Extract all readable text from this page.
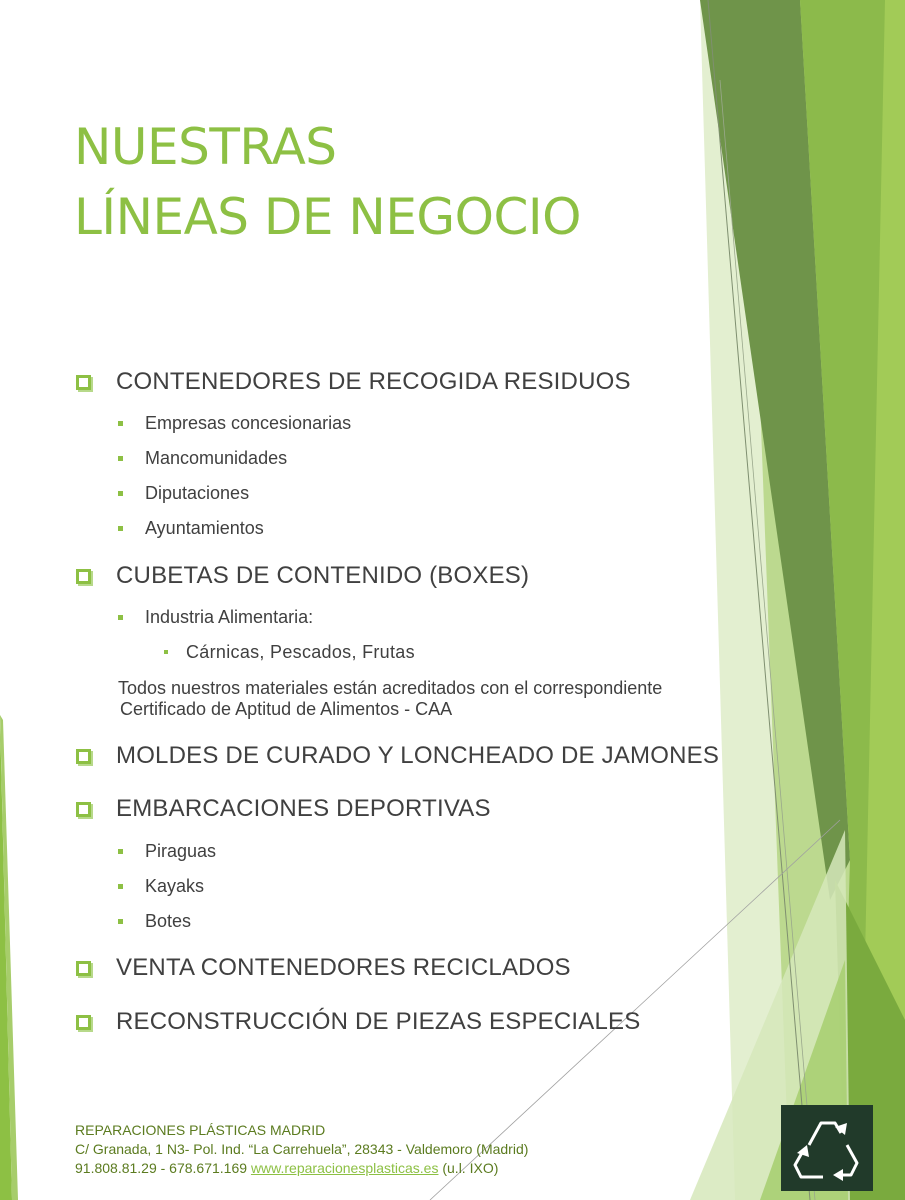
NUESTRAS
LÍNEAS DE NEGOCIO
CONTENEDORES DE RECOGIDA RESIDUOS
Empresas concesionarias
Mancomunidades
Diputaciones
Ayuntamientos
CUBETAS DE CONTENIDO (BOXES)
Industria Alimentaria:
Cárnicas, Pescados, Frutas
Todos nuestros materiales están acreditados con el correspondiente
Certificado de Aptitud de Alimentos - CAA
MOLDES DE CURADO Y LONCHEADO DE JAMONES
EMBARCACIONES DEPORTIVAS
Piraguas
Kayaks
Botes
VENTA CONTENEDORES RECICLADOS
RECONSTRUCCIÓN DE PIEZAS ESPECIALES
REPARACIONES PLÁSTICAS MADRID
C/ Granada, 1 N3- Pol. Ind. “La Carrehuela”, 28343 - Valdemoro (Madrid)
91.808.81.29 - 678.671.169 www.reparacionesplasticas.es (u.l. IXO)
